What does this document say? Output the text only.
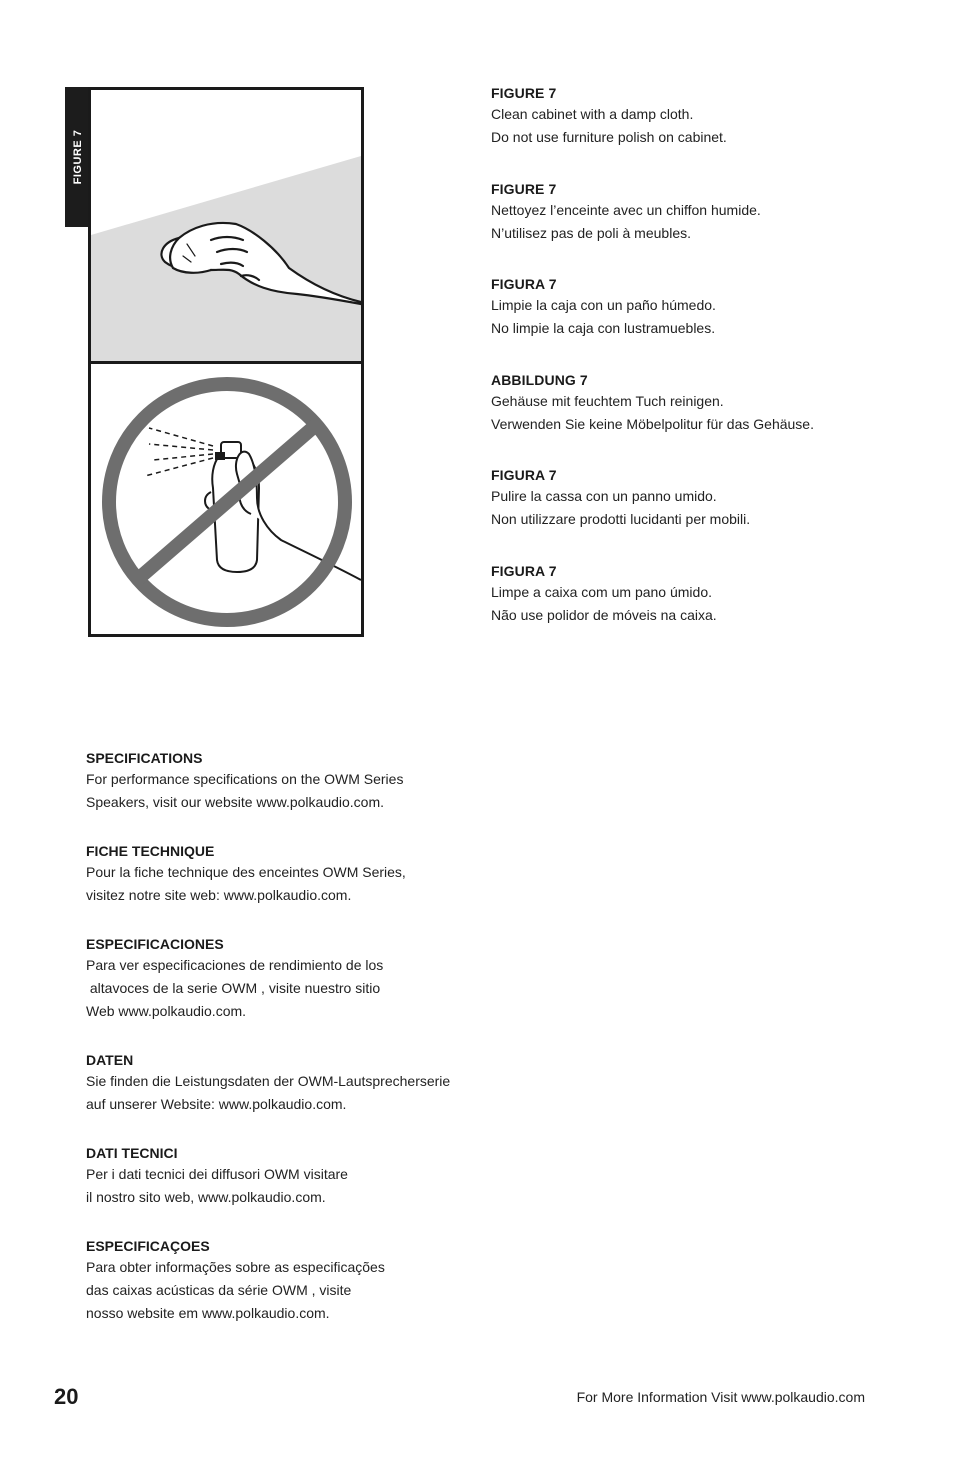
FIGURE 7
FIGURE 7
Clean cabinet with a damp cloth.
Do not use furniture polish on cabinet.
FIGURE 7
Nettoyez l’enceinte avec un chiffon humide.
N’utilisez pas de poli à meubles.
FIGURA 7
Limpie la caja con un paño húmedo.
No limpie la caja con lustramuebles.
ABBILDUNG 7
Gehäuse mit feuchtem Tuch reinigen.
Verwenden Sie keine Möbelpolitur für das Gehäuse.
FIGURA 7
Pulire la cassa con un panno umido.
Non utilizzare prodotti lucidanti per mobili.
FIGURA 7
Limpe a caixa com um pano úmido.
Não use polidor de móveis na caixa.
SPECIFICATIONS
For performance specifications on the OWM Series
Speakers, visit our website www.polkaudio.com.
FICHE TECHNIQUE
Pour la fiche technique des enceintes OWM Series,
visitez notre site web: www.polkaudio.com.
ESPECIFICACIONES
Para ver especificaciones de rendimiento de los
altavoces de la serie OWM , visite nuestro sitio
Web www.polkaudio.com.
DATEN
Sie finden die Leistungsdaten der OWM-Lautsprecherserie
auf unserer Website: www.polkaudio.com.
DATI TECNICI
Per i dati tecnici dei diffusori OWM visitare
il nostro sito web, www.polkaudio.com.
ESPECIFICAÇOES
Para obter informações sobre as especificações
das caixas acústicas da série OWM , visite
nosso website em www.polkaudio.com.
20	For More Information Visit www.polkaudio.com
